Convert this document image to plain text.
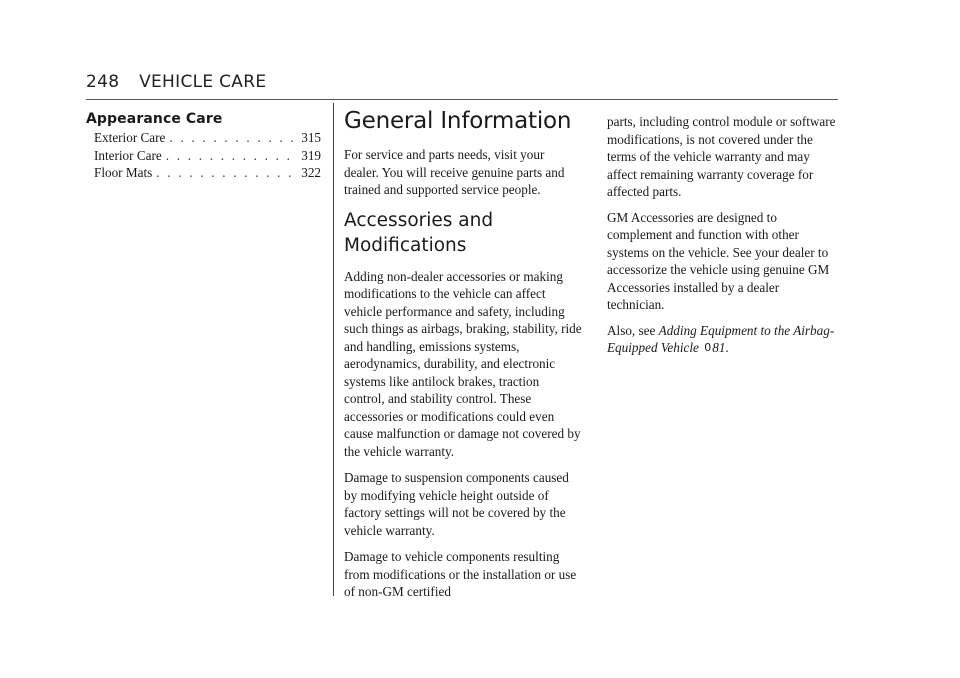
248 VEHICLE CARE
Appearance Care
Exterior Care . . .	315
Interior Care . . .	319
Floor Mats . . .	322
General Information

For service and parts needs, visit your dealer. You will receive genuine parts and trained and supported service people.

Accessories and
Modifications

Adding non-dealer accessories or making modifications to the vehicle can affect vehicle performance and safety, including such things as airbags, braking, stability, ride and handling, emissions systems, aerodynamics, durability, and electronic systems like antilock brakes, traction control, and stability control. These accessories or modifications could even cause malfunction or damage not covered by the vehicle warranty.

Damage to suspension components caused by modifying vehicle height outside of factory settings will not be covered by the vehicle warranty.

Damage to vehicle components resulting from modifications or the installation or use of non-GM certified

parts, including control module or software modifications, is not covered under the terms of the vehicle warranty and may affect remaining warranty coverage for affected parts.

GM Accessories are designed to complement and function with other systems on the vehicle. See your dealer to accessorize the vehicle using genuine GM Accessories installed by a dealer technician.

Also, see Adding Equipment to the Airbag-Equipped Vehicle 081.
